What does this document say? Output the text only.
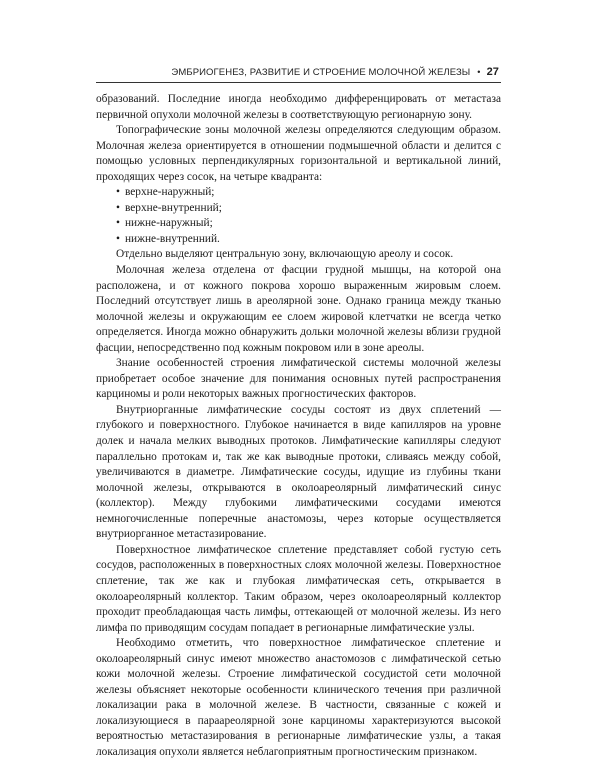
ЭМБРИОГЕНЕЗ, РАЗВИТИЕ И СТРОЕНИЕ МОЛОЧНОЙ ЖЕЛЕЗЫ • 27

образований. Последние иногда необходимо дифференцировать от метастаза первичной опухоли молочной железы в соответствующую регионарную зону.

Топографические зоны молочной железы определяются следующим образом. Молочная железа ориентируется в отношении подмышечной области и делится с помощью условных перпендикулярных горизонтальной и вертикальной линий, проходящих через сосок, на четыре квадранта:

• верхне-наружный;
• верхне-внутренний;
• нижне-наружный;
• нижне-внутренний.

Отдельно выделяют центральную зону, включающую ареолу и сосок.

Молочная железа отделена от фасции грудной мышцы, на которой она расположена, и от кожного покрова хорошо выраженным жировым слоем. Последний отсутствует лишь в ареолярной зоне. Однако граница между тканью молочной железы и окружающим ее слоем жировой клетчатки не всегда четко определяется. Иногда можно обнаружить дольки молочной железы вблизи грудной фасции, непосредственно под кожным покровом или в зоне ареолы.

Знание особенностей строения лимфатической системы молочной железы приобретает особое значение для понимания основных путей распространения карциномы и роли некоторых важных прогностических факторов.

Внутриорганные лимфатические сосуды состоят из двух сплетений — глубокого и поверхностного. Глубокое начинается в виде капилляров на уровне долек и начала мелких выводных протоков. Лимфатические капилляры следуют параллельно протокам и, так же как выводные протоки, сливаясь между собой, увеличиваются в диаметре. Лимфатические сосуды, идущие из глубины ткани молочной железы, открываются в околоареолярный лимфатический синус (коллектор). Между глубокими лимфатическими сосудами имеются немногочисленные поперечные анастомозы, через которые осуществляется внутриорганное метастазирование.

Поверхностное лимфатическое сплетение представляет собой густую сеть сосудов, расположенных в поверхностных слоях молочной железы. Поверхностное сплетение, так же как и глубокая лимфатическая сеть, открывается в околоареолярный коллектор. Таким образом, через околоареолярный коллектор проходит преобладающая часть лимфы, оттекающей от молочной железы. Из него лимфа по приводящим сосудам попадает в регионарные лимфатические узлы.

Необходимо отметить, что поверхностное лимфатическое сплетение и околоареолярный синус имеют множество анастомозов с лимфатической сетью кожи молочной железы. Строение лимфатической сосудистой сети молочной железы объясняет некоторые особенности клинического течения при различной локализации рака в молочной железе. В частности, связанные с кожей и локализующиеся в параареолярной зоне карциномы характеризуются высокой вероятностью метастазирования в регионарные лимфатические узлы, а такая локализация опухоли является неблагоприятным прогностическим признаком.
